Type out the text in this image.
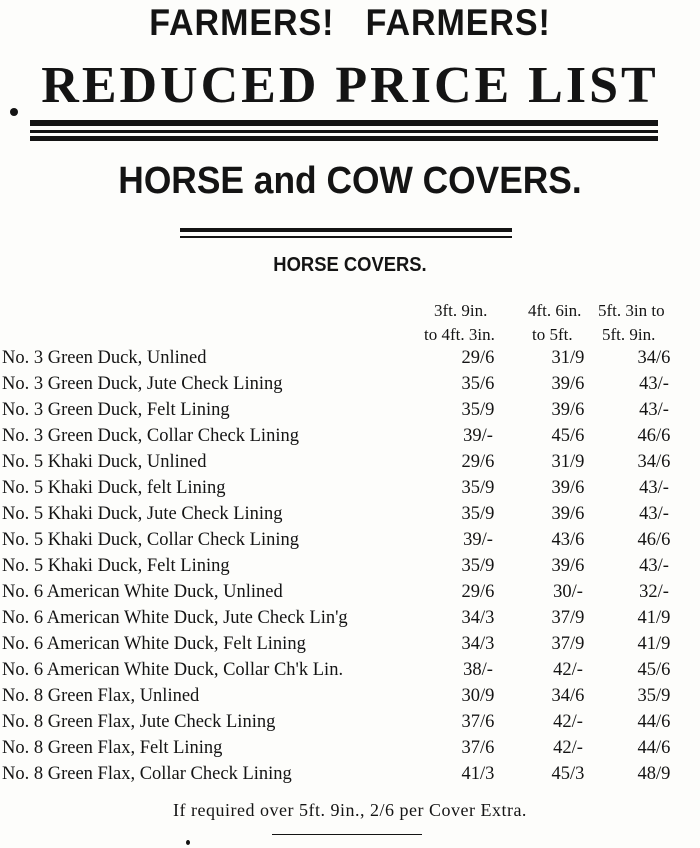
FARMERS! FARMERS!
REDUCED PRICE LIST
HORSE and COW COVERS.
HORSE COVERS.
3ft. 9in.
to 4ft. 3in.
4ft. 6in.
to 5ft.
5ft. 3in to
5ft. 9in.
No. 3 Green Duck, Unlined	29/6	31/9	34/6
No. 3 Green Duck, Jute Check Lining	35/6	39/6	43/-
No. 3 Green Duck, Felt Lining	35/9	39/6	43/-
No. 3 Green Duck, Collar Check Lining	39/-	45/6	46/6
No. 5 Khaki Duck, Unlined	29/6	31/9	34/6
No. 5 Khaki Duck, felt Lining	35/9	39/6	43/-
No. 5 Khaki Duck, Jute Check Lining	35/9	39/6	43/-
No. 5 Khaki Duck, Collar Check Lining	39/-	43/6	46/6
No. 5 Khaki Duck, Felt Lining	35/9	39/6	43/-
No. 6 American White Duck, Unlined	29/6	30/-	32/-
No. 6 American White Duck, Jute Check Lin'g	34/3	37/9	41/9
No. 6 American White Duck, Felt Lining	34/3	37/9	41/9
No. 6 American White Duck, Collar Ch'k Lin.	38/-	42/-	45/6
No. 8 Green Flax, Unlined	30/9	34/6	35/9
No. 8 Green Flax, Jute Check Lining	37/6	42/-	44/6
No. 8 Green Flax, Felt Lining	37/6	42/-	44/6
No. 8 Green Flax, Collar Check Lining	41/3	45/3	48/9
If required over 5ft. 9in., 2/6 per Cover Extra.
